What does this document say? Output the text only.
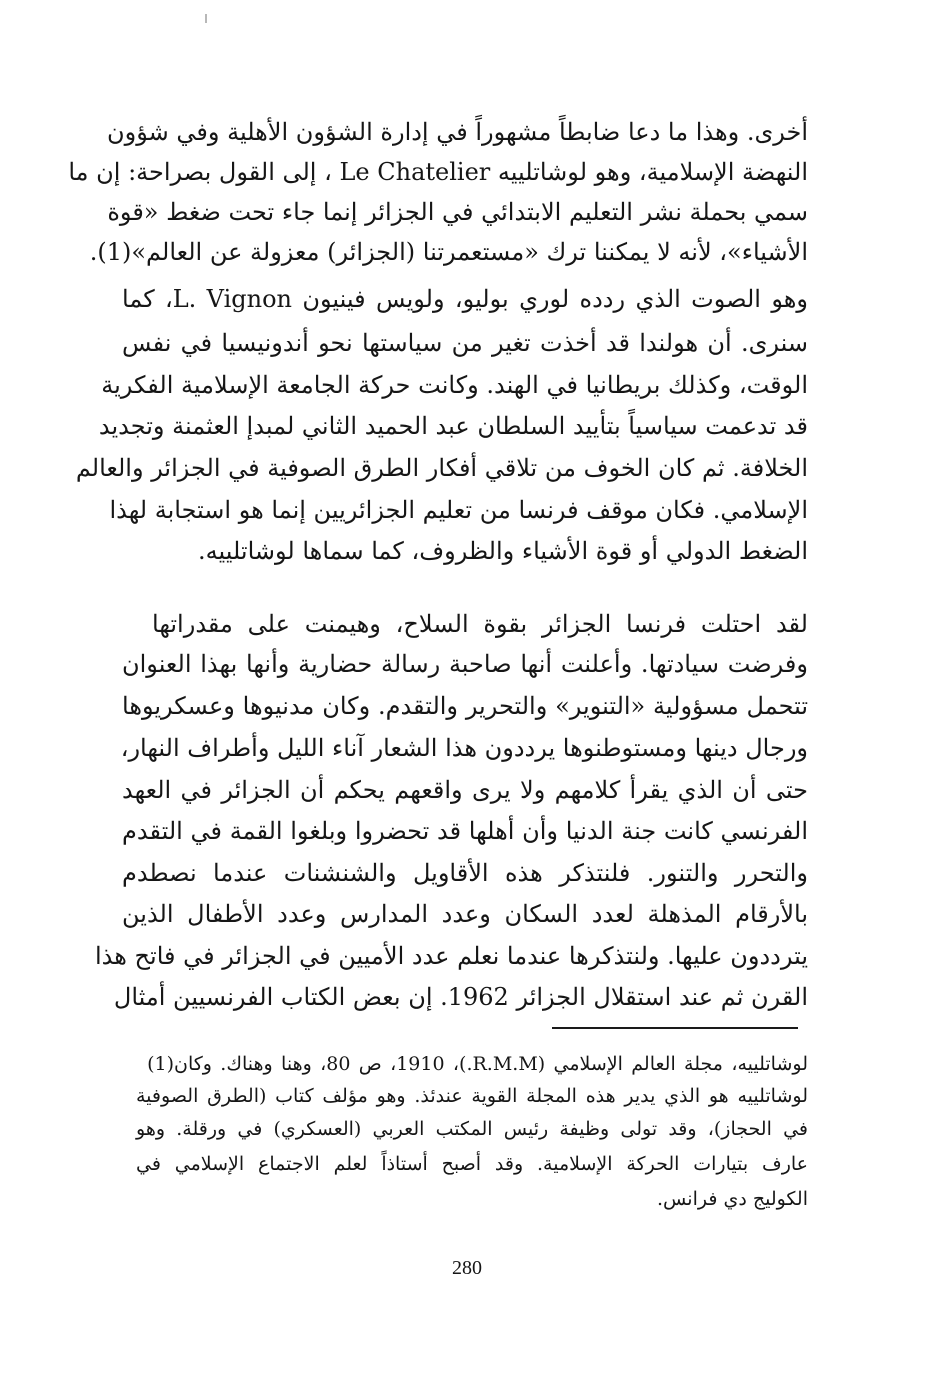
أخرى. وهذا ما دعا ضابطاً مشهوراً في إدارة الشؤون الأهلية وفي شؤون
النهضة الإسلامية، وهو لوشاتلييه Le Chatelier ، إلى القول بصراحة: إن ما
سمي بحملة نشر التعليم الابتدائي في الجزائر إنما جاء تحت ضغط «قوة
الأشياء»، لأنه لا يمكننا ترك «مستعمرتنا (الجزائر) معزولة عن العالم»(1).
وهو الصوت الذي ردده لوري بوليو، ولويس فينيون L. Vignon، كما
سنرى. أن هولندا قد أخذت تغير من سياستها نحو أندونيسيا في نفس
الوقت، وكذلك بريطانيا في الهند. وكانت حركة الجامعة الإسلامية الفكرية
قد تدعمت سياسياً بتأييد السلطان عبد الحميد الثاني لمبدإ العثمنة وتجديد
الخلافة. ثم كان الخوف من تلاقي أفكار الطرق الصوفية في الجزائر والعالم
الإسلامي. فكان موقف فرنسا من تعليم الجزائريين إنما هو استجابة لهذا
الضغط الدولي أو قوة الأشياء والظروف، كما سماها لوشاتلييه.
لقد احتلت فرنسا الجزائر بقوة السلاح، وهيمنت على مقدراتها
وفرضت سيادتها. وأعلنت أنها صاحبة رسالة حضارية وأنها بهذا العنوان
تتحمل مسؤولية «التنوير» والتحرير والتقدم. وكان مدنيوها وعسكريوها
ورجال دينها ومستوطنوها يرددون هذا الشعار آناء الليل وأطراف النهار،
حتى أن الذي يقرأ كلامهم ولا يرى واقعهم يحكم أن الجزائر في العهد
الفرنسي كانت جنة الدنيا وأن أهلها قد تحضروا وبلغوا القمة في التقدم
والتحرر والتنور. فلنتذكر هذه الأقاويل والشنشنات عندما نصطدم
بالأرقام المذهلة لعدد السكان وعدد المدارس وعدد الأطفال الذين
يترددون عليها. ولنتذكرها عندما نعلم عدد الأميين في الجزائر في فاتح هذا
القرن ثم عند استقلال الجزائر 1962. إن بعض الكتاب الفرنسيين أمثال
(1) لوشاتلييه، مجلة العالم الإسلامي (R.M.M.)، 1910، ص 80، وهنا وهناك. وكان
لوشاتلييه هو الذي يدير هذه المجلة القوية عندئذ. وهو مؤلف كتاب (الطرق الصوفية
في الحجاز)، وقد تولى وظيفة رئيس المكتب العربي (العسكري) في ورقلة. وهو
عارف بتيارات الحركة الإسلامية. وقد أصبح أستاذاً لعلم الاجتماع الإسلامي في
الكوليج دي فرانس.
280
